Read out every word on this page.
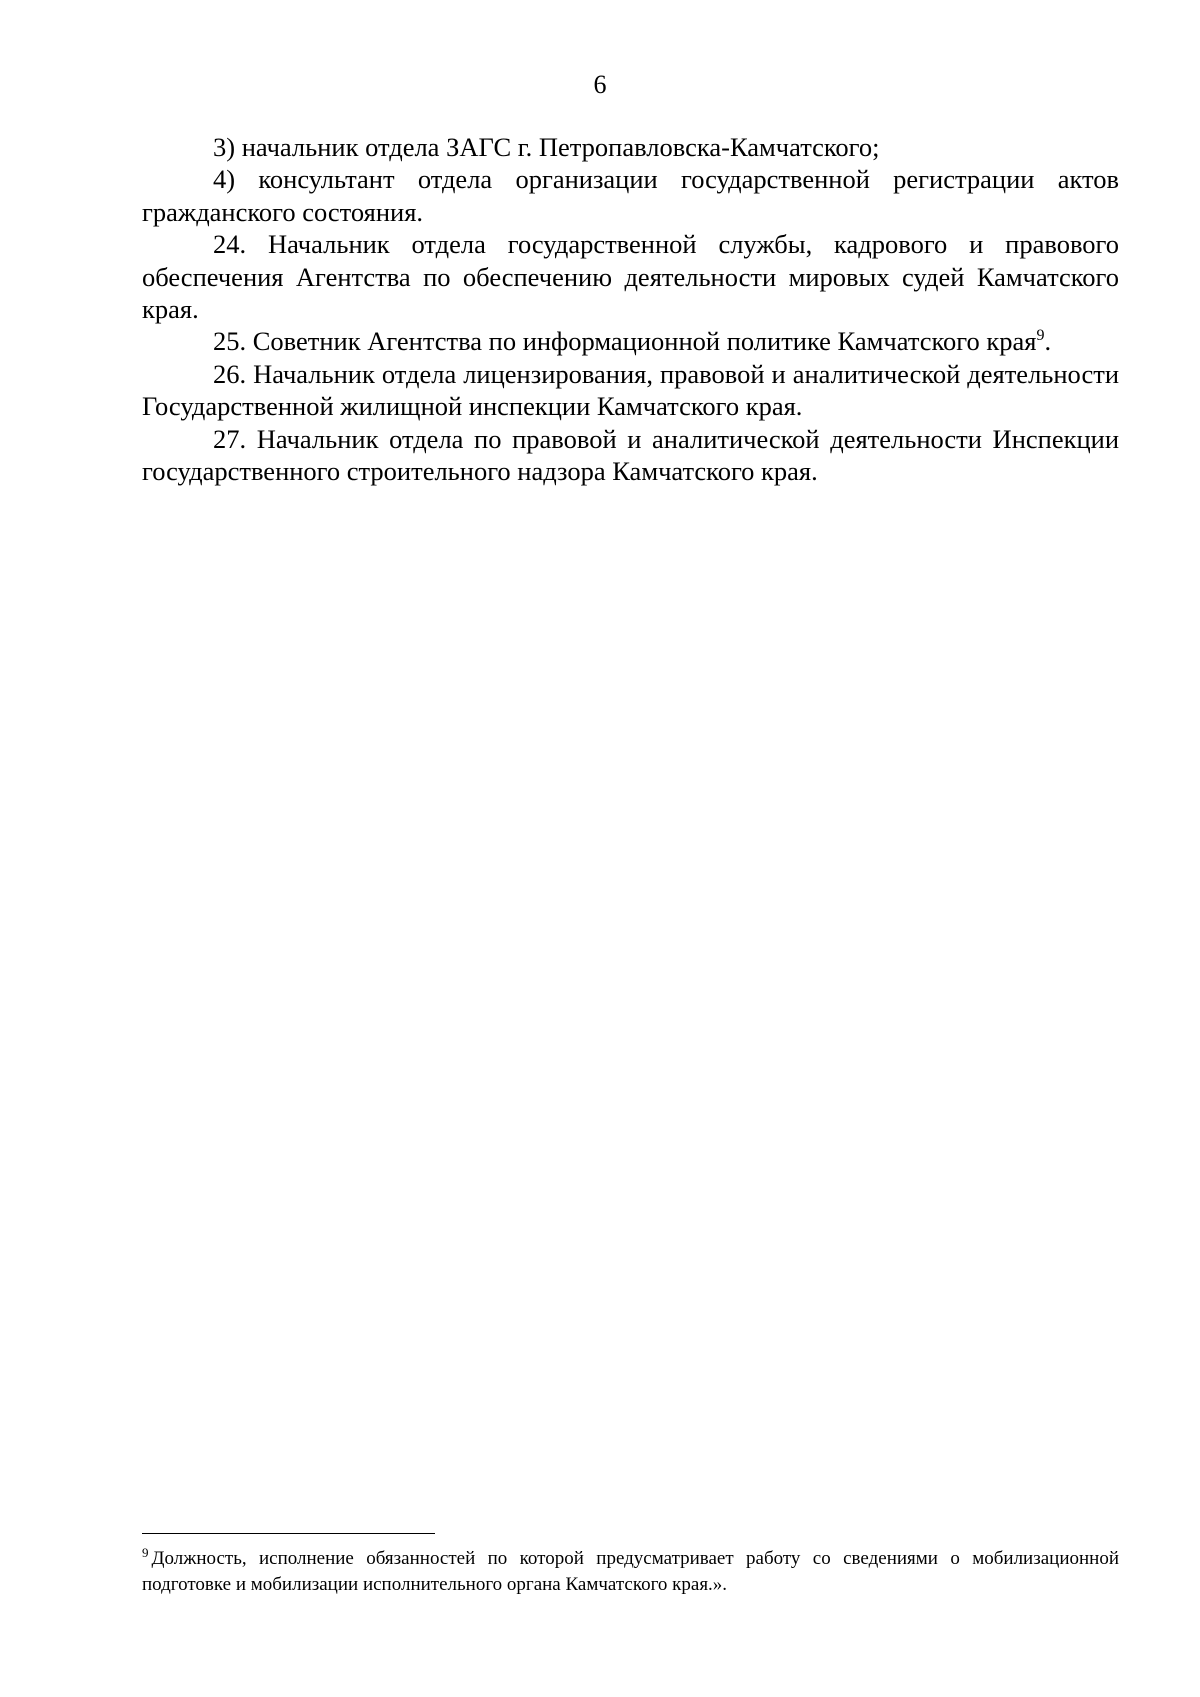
6

3) начальник отдела ЗАГС г. Петропавловска-Камчатского;

4) консультант отдела организации государственной регистрации актов гражданского состояния.

24. Начальник отдела государственной службы, кадрового и правового обеспечения Агентства по обеспечению деятельности мировых судей Камчатского края.

25. Советник Агентства по информационной политике Камчатского края$^9$.

26. Начальник отдела лицензирования, правовой и аналитической деятельности Государственной жилищной инспекции Камчатского края.

27. Начальник отдела по правовой и аналитической деятельности Инспекции государственного строительного надзора Камчатского края.

$^9$ Должность, исполнение обязанностей по которой предусматривает работу со сведениями о мобилизационной подготовке и мобилизации исполнительного органа Камчатского края.».
